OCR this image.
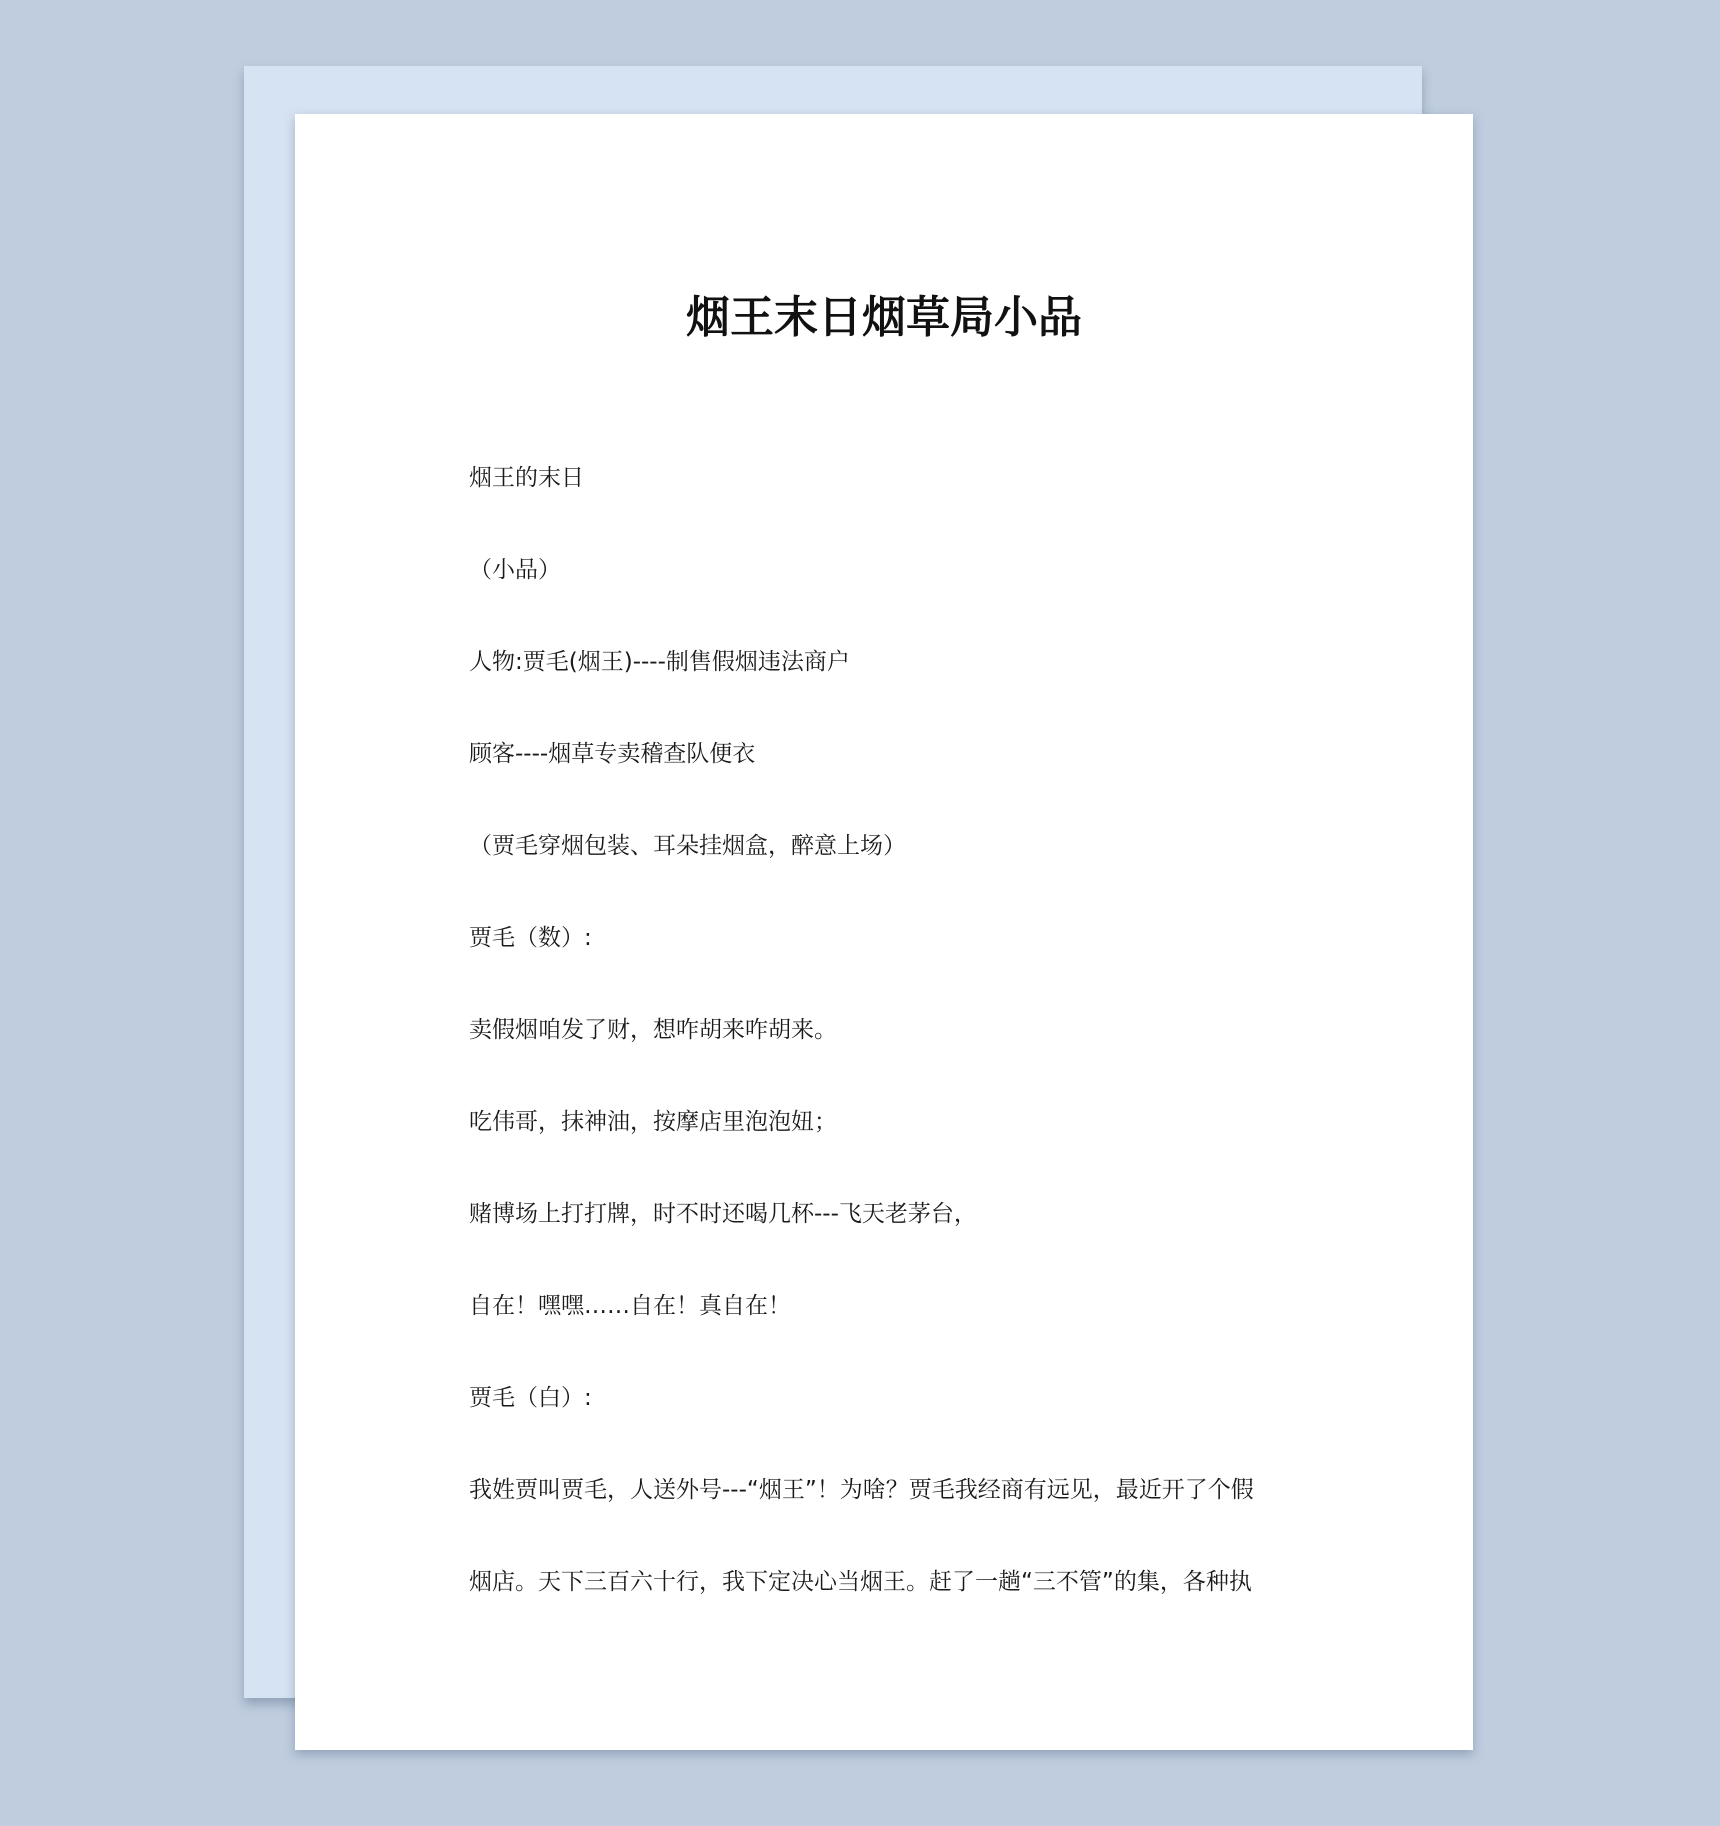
烟王末日烟草局小品
烟王的末日
（小品）
人物:贾毛(烟王)----制售假烟违法商户
顾客----烟草专卖稽查队便衣
（贾毛穿烟包装、耳朵挂烟盒，醉意上场）
贾毛（数）:
卖假烟咱发了财，想咋胡来咋胡来。
吃伟哥，抹神油，按摩店里泡泡妞；
赌博场上打打牌，时不时还喝几杯---飞天老茅台，
自在！嘿嘿……自在！真自在！
贾毛（白）:
我姓贾叫贾毛，人送外号---“烟王”！为啥？贾毛我经商有远见，最近开了个假
烟店。天下三百六十行，我下定决心当烟王。赶了一趟“三不管”的集，各种执
